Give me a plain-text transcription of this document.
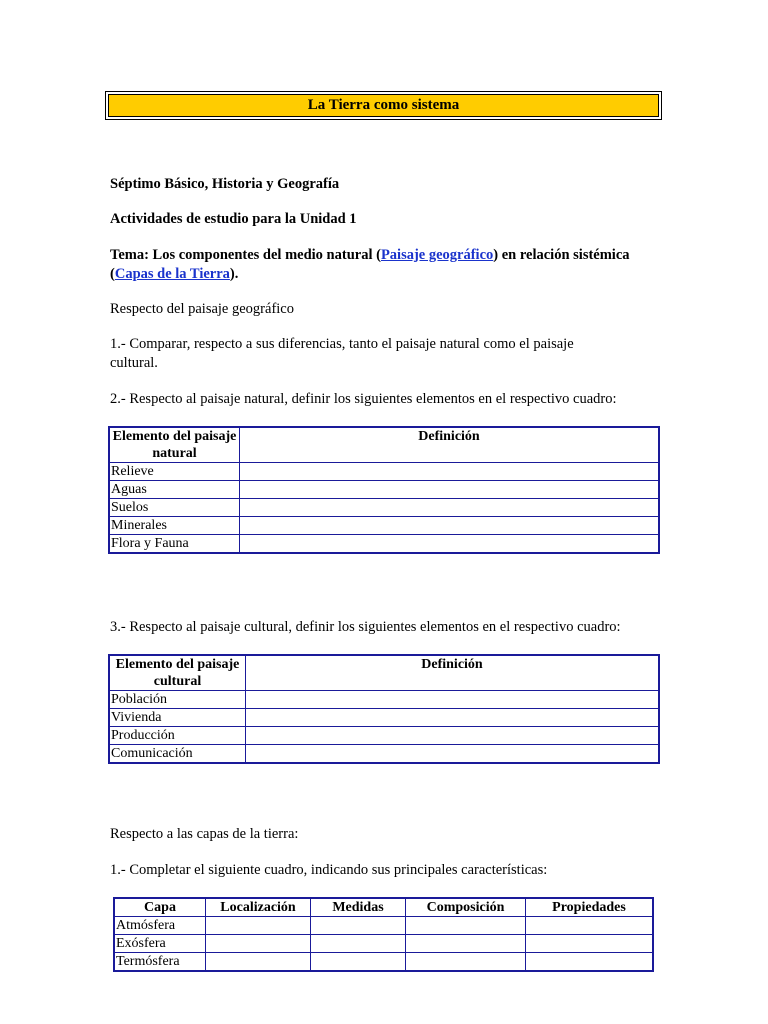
La Tierra como sistema

Séptimo Básico, Historia y Geografía

Actividades de estudio para la Unidad 1

Tema: Los componentes del medio natural (Paisaje geográfico) en relación sistémica (Capas de la Tierra).

Respecto del paisaje geográfico

1.- Comparar, respecto a sus diferencias, tanto el paisaje natural como el paisaje cultural.

2.- Respecto al paisaje natural, definir los siguientes elementos en el respectivo cuadro:

Elemento del paisaje natural	Definición
Relieve	
Aguas	
Suelos	
Minerales	
Flora y Fauna	

3.- Respecto al paisaje cultural, definir los siguientes elementos en el respectivo cuadro:

Elemento del paisaje cultural	Definición
Población	
Vivienda	
Producción	
Comunicación	

Respecto a las capas de la tierra:

1.- Completar el siguiente cuadro, indicando sus principales características:

Capa	Localización	Medidas	Composición	Propiedades
Atmósfera				
Exósfera				
Termósfera				
